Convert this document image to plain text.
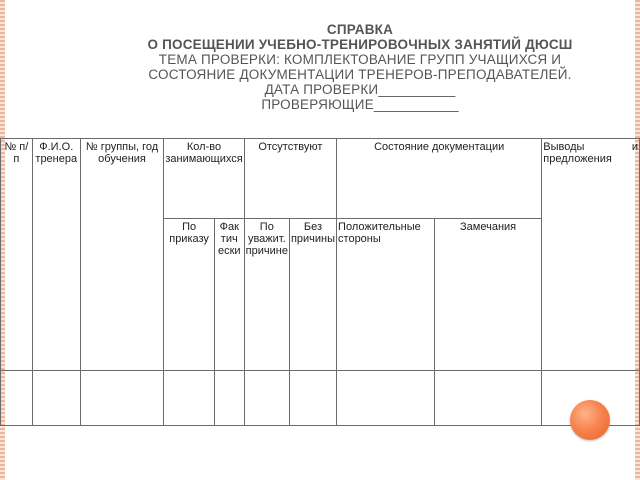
СПРАВКА
О ПОСЕЩЕНИИ УЧЕБНО-ТРЕНИРОВОЧНЫХ ЗАНЯТИЙ ДЮСШ
ТЕМА ПРОВЕРКИ: КОМПЛЕКТОВАНИЕ ГРУПП УЧАЩИХСЯ И
СОСТОЯНИЕ ДОКУМЕНТАЦИИ ТРЕНЕРОВ-ПРЕПОДАВАТЕЛЕЙ.
ДАТА ПРОВЕРКИ__________
ПРОВЕРЯЮЩИЕ___________
№ п/п	Ф.И.О. тренера	№ группы, год обучения	Кол-во занимающихся		Отсутствуют		Состояние документации		Выводы и предложения
			По приказу	Фактически	По уважит. причине	Без причины	Положительные стороны	Замечания	
